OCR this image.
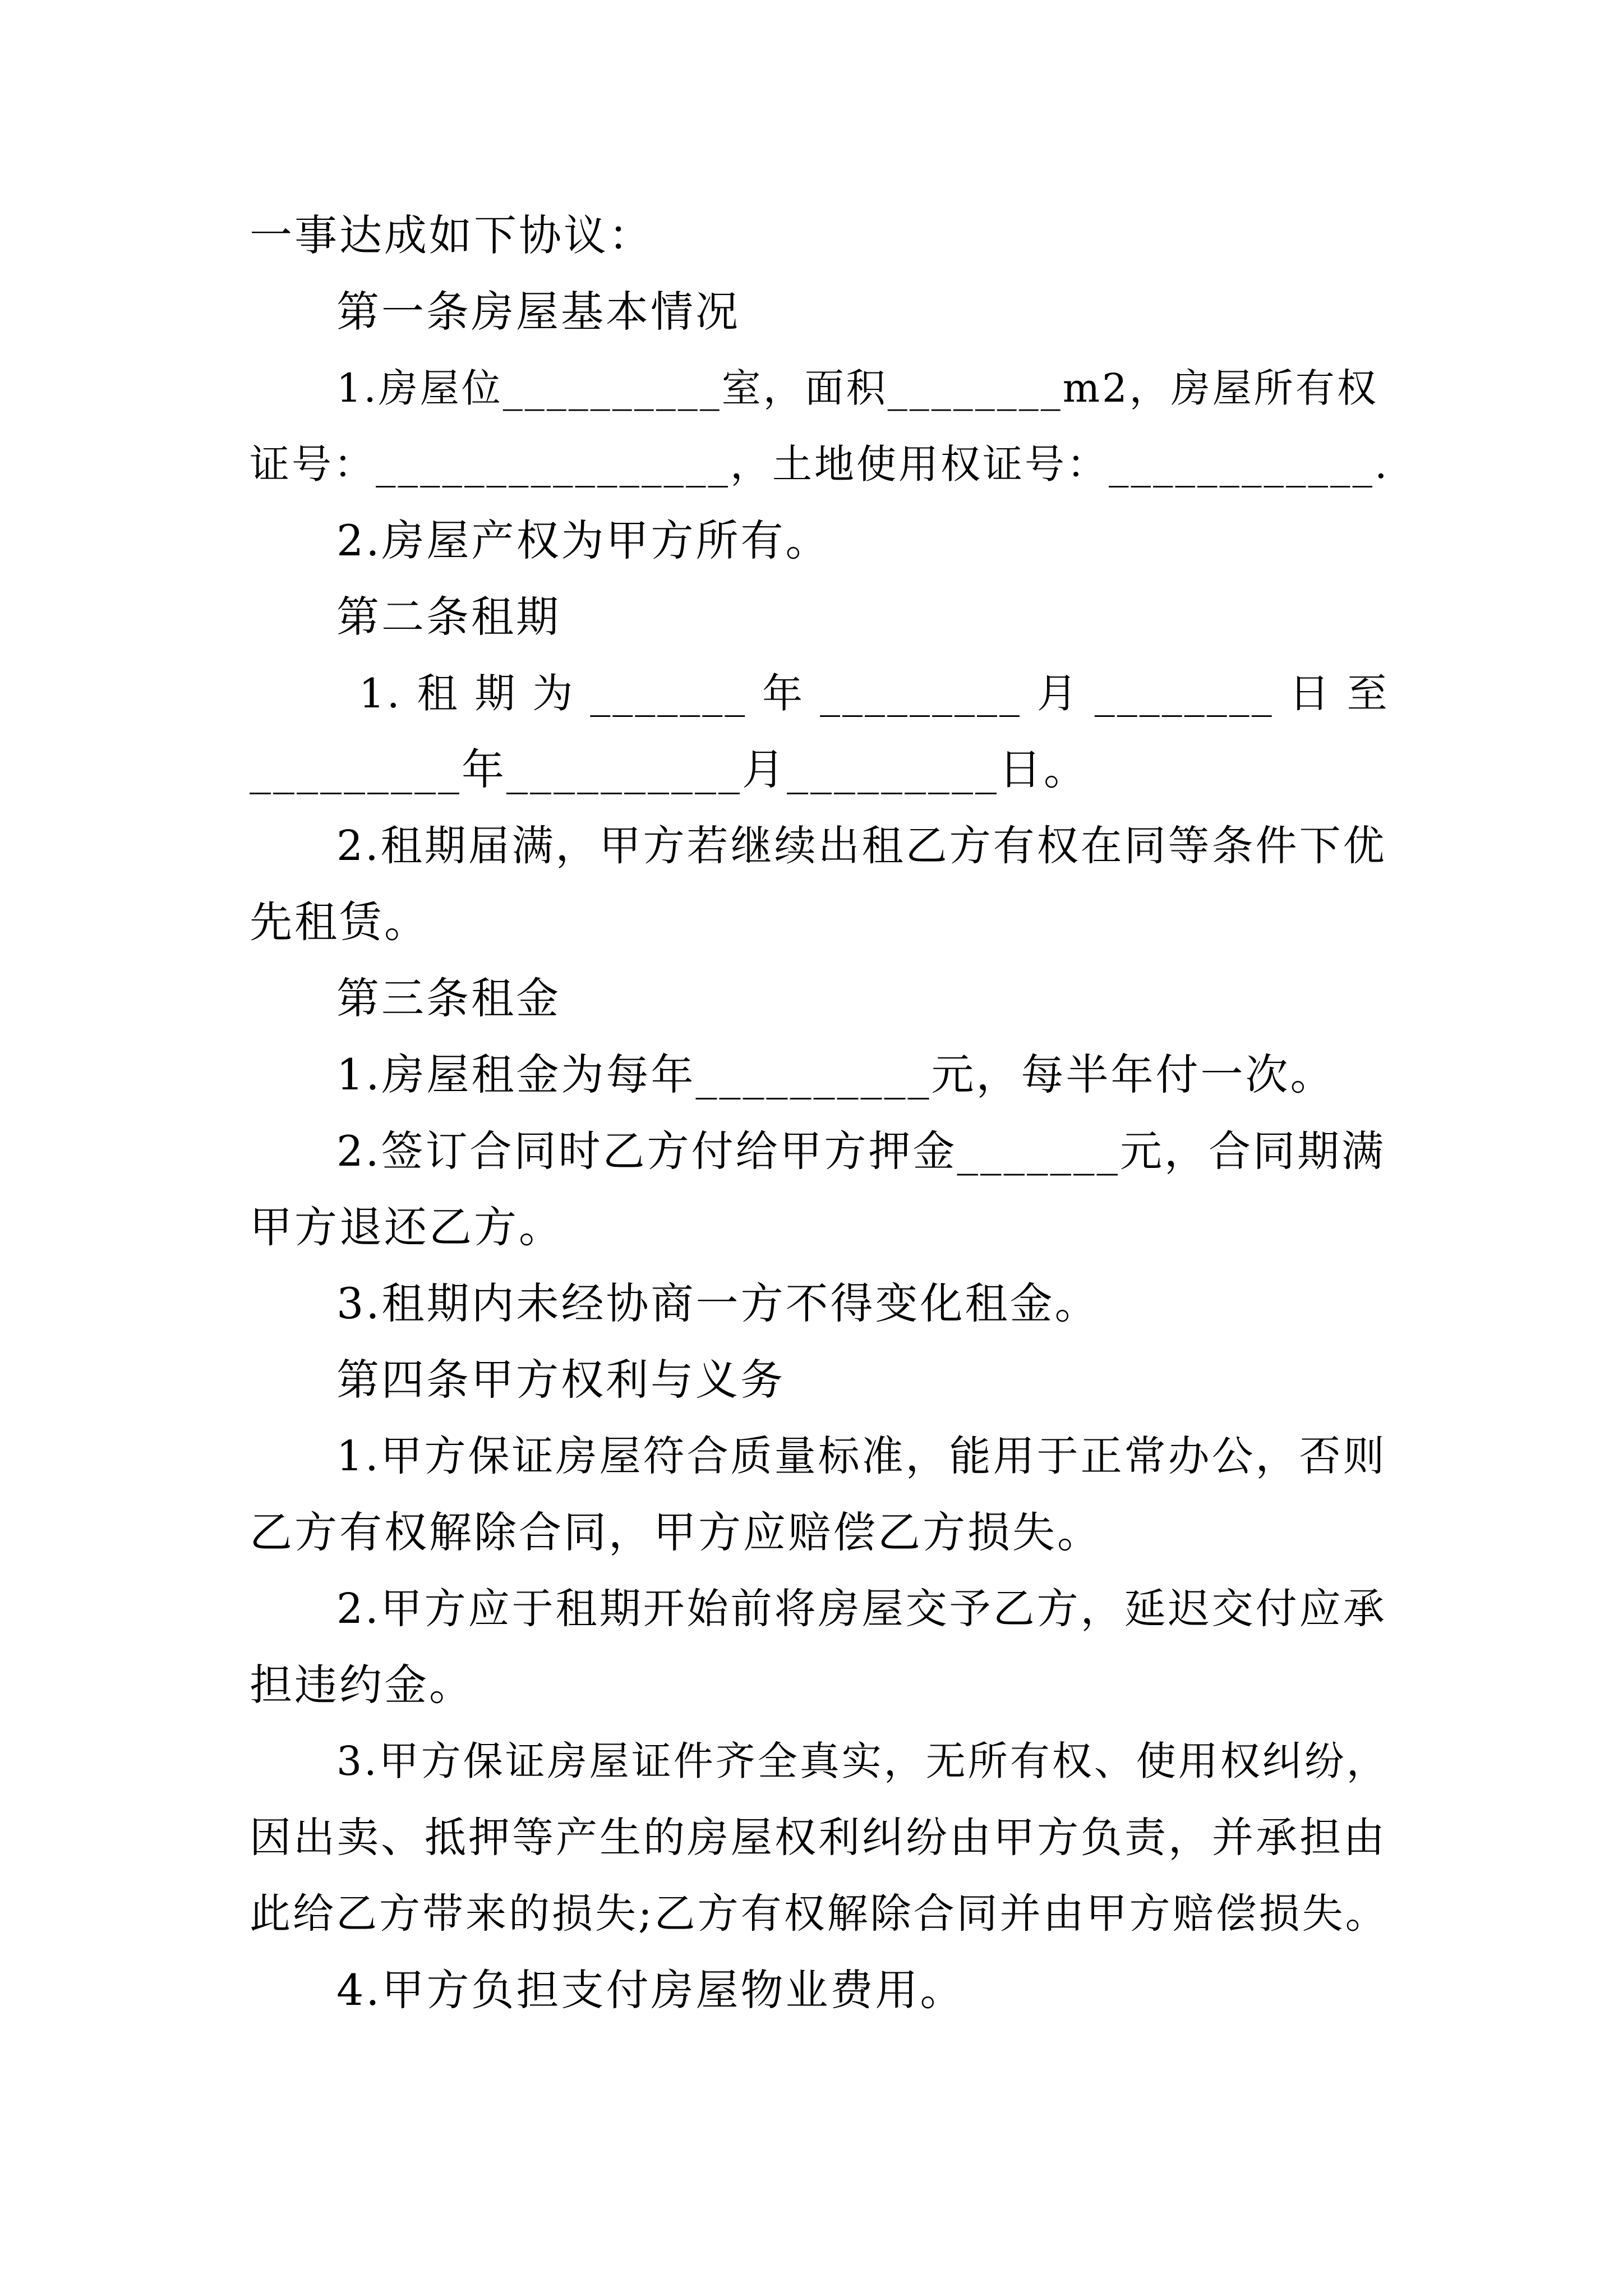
一事达成如下协议：
第一条房屋基本情况
1.房屋位__________室，面积________m2，房屋所有权
证号：________________，土地使用权证号：____________.
2.房屋产权为甲方所有。
第二条租期
1. 租 期 为 _______ 年 _________ 月 ________ 日 至
_________年__________月_________日。
2.租期届满，甲方若继续出租乙方有权在同等条件下优
先租赁。
第三条租金
1.房屋租金为每年__________元，每半年付一次。
2.签订合同时乙方付给甲方押金_______元，合同期满
甲方退还乙方。
3.租期内未经协商一方不得变化租金。
第四条甲方权利与义务
1.甲方保证房屋符合质量标准，能用于正常办公，否则
乙方有权解除合同，甲方应赔偿乙方损失。
2.甲方应于租期开始前将房屋交予乙方，延迟交付应承
担违约金。
3.甲方保证房屋证件齐全真实，无所有权、使用权纠纷，
因出卖、抵押等产生的房屋权利纠纷由甲方负责，并承担由
此给乙方带来的损失;乙方有权解除合同并由甲方赔偿损失。
4.甲方负担支付房屋物业费用。
